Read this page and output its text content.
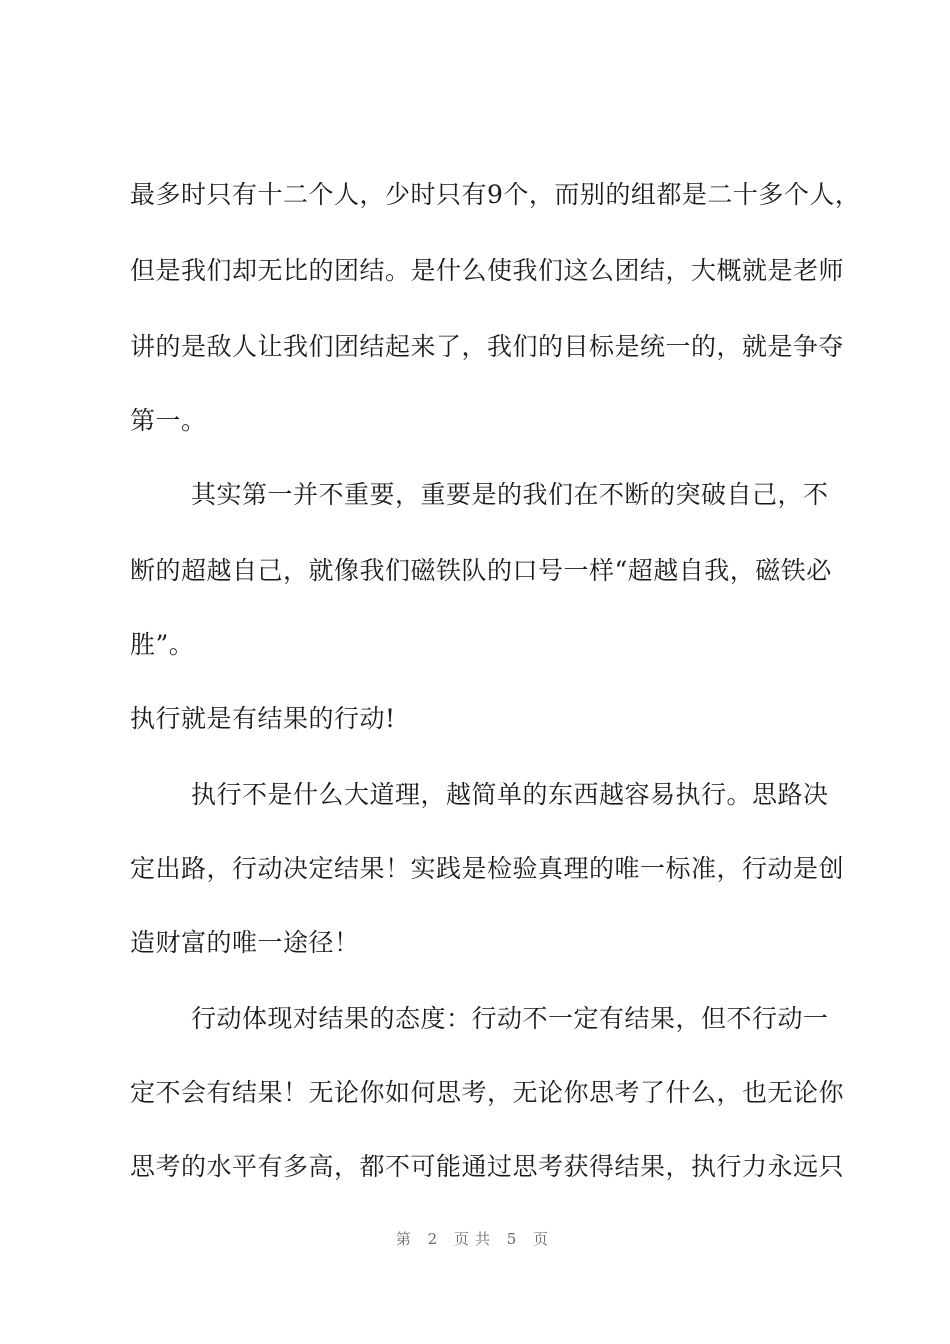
最多时只有十二个人，少时只有9个，而别的组都是二十多个人，
但是我们却无比的团结。是什么使我们这么团结，大概就是老师
讲的是敌人让我们团结起来了，我们的目标是统一的，就是争夺
第一。
其实第一并不重要，重要是的我们在不断的突破自己，不
断的超越自己，就像我们磁铁队的口号一样“超越自我，磁铁必
胜”。
执行就是有结果的行动!
执行不是什么大道理，越简单的东西越容易执行。思路决
定出路，行动决定结果！实践是检验真理的唯一标准，行动是创
造财富的唯一途径！
行动体现对结果的态度：行动不一定有结果，但不行动一
定不会有结果！无论你如何思考，无论你思考了什么，也无论你
思考的水平有多高，都不可能通过思考获得结果，执行力永远只
第 2 页共 5 页
